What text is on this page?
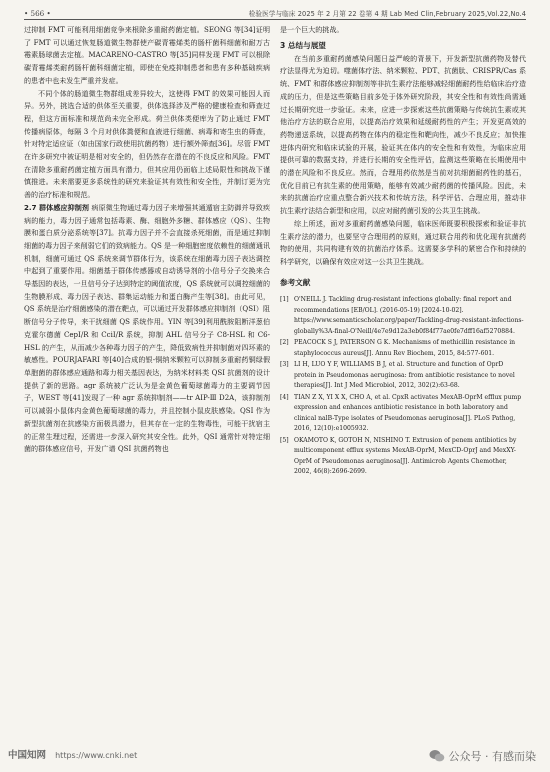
• 566 •	检验医学与临床 2025 年 2 月第 22 卷第 4 期 Lab Med Clin,February 2025,Vol.22,No.4

过抑制 FMT 可能利用细菌竞争来根除多重耐药菌定植。SEONG 等[34]证明了 FMT 可以通过恢复肠道微生物群使产碳青霉烯类的肠杆菌科细菌和耐万古霉素肠球菌去定植。MACARENO-CASTRO 等[35]同样发现 FMT 可以根除碳青霉烯类耐药肠杆菌科细菌定植，即使在免疫抑制患者和患有多种基础疾病的患者中也未发生严重并发症。

不同个体的肠道微生物群组成差异较大，这使得 FMT 的效果可能因人而异。另外，挑选合适的供体至关重要，供体选择涉及严格的健康检查和筛查过程，但这方面标准和规范尚未完全形成。荷兰供体类便库为了防止通过 FMT 传播病原体，每隔 3 个月对供体粪便和血液进行细菌、病毒和寄生虫的筛查，针对特定适应证（如由国家行政使用抗菌药物）进行额外筛查[36]。尽管 FMT 在许多研究中被证明是相对安全的，但仍然存在潜在的不良反应和风险。FMT 在清除多重耐药菌定植方面具有潜力，但其应用仍面临上述局限性和挑战下谨慎推进。未来需要更多系统性的研究来验证其有效性和安全性，并制订更为完善的治疗标准和规范。

2.7 群体感应抑制剂 病原微生物通过毒力因子来增强其通遁宿主防御并导致疾病的能力，毒力因子通常包括毒素、酶、细胞外多糖、群体感应（QS）、生物膜和蛋白质分泌系统等[37]。抗毒力因子并不会直接杀死细菌，而是通过抑制细菌的毒力因子来削弱它们的致病能力。QS 是一种细胞密度依赖性的细菌通讯机制，细菌可通过 QS 系统来调节群体行为，该系统在细菌毒力因子表达调控中起到了重要作用。细菌基于群体传感器或自动诱导剂的小信号分子交换来合导基因的表达，一旦信号分子达到特定的阈值浓度，QS 系统就可以调控细菌的生物膜形成、毒力因子表达、群集运动能力和蛋白酶产生等[38]。由此可见，QS 系统是治疗细菌感染的潜在靶点，可以通过开发群体感应抑制剂（QSI）阻断信号分子传导，来干扰细菌 QS 系统作用。YIN 等[39]利用酰胺阻断洋葱伯克霍尔德菌 CepI/R 和 CciI/R 系统，抑制 AHL 信号分子 C8-HSL 和 C6-HSL 的产生，从而减少各种毒力因子的产生，降低致病性并抑制菌对四环素的敏感性。POURJAFARI 等[40]合成的银-铜纳米颗粒可以抑制多重耐药铜绿假单胞菌的群体感应通路和毒力相关基因表达，为纳米材料类 QSI 抗菌剂的设计提供了新的思路。agr 系统被广泛认为是金黄色葡萄球菌毒力的主要调节因子，WEST 等[41]发现了一种 agr 系统抑制剂——tr AIP-Ⅲ D2A，该抑制剂可以减弱小鼠体内金黄色葡萄球菌的毒力，并且控制小鼠皮肤感染。QSI 作为新型抗菌剂在抗感染方面极具潜力，但其存在一定的生物毒性，可能干扰宿主的正常生理过程，还需进一步深入研究其安全性。此外，QSI 通常针对特定细菌的群体感应信号，开发广谱 QSI 抗菌药物也

是一个巨大的挑战。

3 总结与展望

在当前多重耐药菌感染问题日益严峻的背景下，开发新型抗菌药物及替代疗法显得尤为迫切。噬菌体疗法、纳米颗粒、PDT、抗菌肽、CRISPR/Cas 系统、FMT 和群体感应抑制剂等非抗生素疗法能够减轻细菌耐药性给临床治疗造成的压力，但是这些策略目前多处于体外研究阶段，其安全性和有效性尚需通过长期研究进一步验证。未来，应进一步探索这些抗菌策略与传统抗生素或其他治疗方法的联合应用，以提高治疗效果和延缓耐药性的产生；开发更高效的药物递送系统，以提高药物在体内的稳定性和靶向性，减少不良反应；加快推进体内研究和临床试验的开展，验证其在体内的安全性和有效性，为临床应用提供可靠的数据支持，并进行长期的安全性评估，监测这些策略在长期使用中的潜在风险和不良反应。然而，合理用药依然是当前对抗细菌耐药性的基石，优化目前已有抗生素的使用策略，能够有效减少耐药菌的传播风险。因此，未来的抗菌治疗应重点整合新兴技术和传统方法，科学评估、合理应用，推动非抗生素疗法结合新型和应用，以应对耐药菌引发的公共卫生挑战。

综上所述，面对多重耐药菌感染问题，临床医师既要积极探索和验证非抗生素疗法的潜力，也要坚守合理用药的原则，通过联合用药和优化现有抗菌药物的使用，共同构建有效的抗菌治疗体系。这需要多学科的紧密合作和持续的科学研究，以确保有效应对这一公共卫生挑战。

参考文献
[1] O'NEILL J. Tackling drug-resistant infections globally: final report and recommendations [EB/OL]. (2016-05-19) [2024-10-02]. https://www.semanticscholar.org/paper/Tackling-drug-resistant-infections-globally%3A-final-O'Neill/4e7e9d12a3eb0f84f77ae0fe7dff16af5270884.
[2] PEACOCK S J, PATERSON G K. Mechanisms of methicillin resistance in staphylococcus aureus[J]. Annu Rev Biochem, 2015, 84:577-601.
[3] LI H, LUO Y F, WILLIAMS B J, et al. Structure and function of OprD protein in Pseudomonas aeruginosa: from antibiotic resistance to novel therapies[J]. Int J Med Microbiol, 2012, 302(2):63-68.
[4] TIAN Z X, YI X X, CHO A, et al. CpxR activates MexAB-OprM efflux pump expression and enhances antibiotic resistance in both laboratory and clinical nalB-Type isolates of Pseudomonas aeruginosa[J]. PLoS Pathog, 2016, 12(10):e1005932.
[5] OKAMOTO K, GOTOH N, NISHINO T. Extrusion of penem antibiotics by multicomponent efflux systems MexAB-OprM, MexCD-OprJ and MexXY-OprM of Pseudomonas aeruginosa[J]. Antimicrob Agents Chemother, 2002, 46(8):2696-2699.
中国知网 https://www.cnki.net	公众号 · 有感而染
